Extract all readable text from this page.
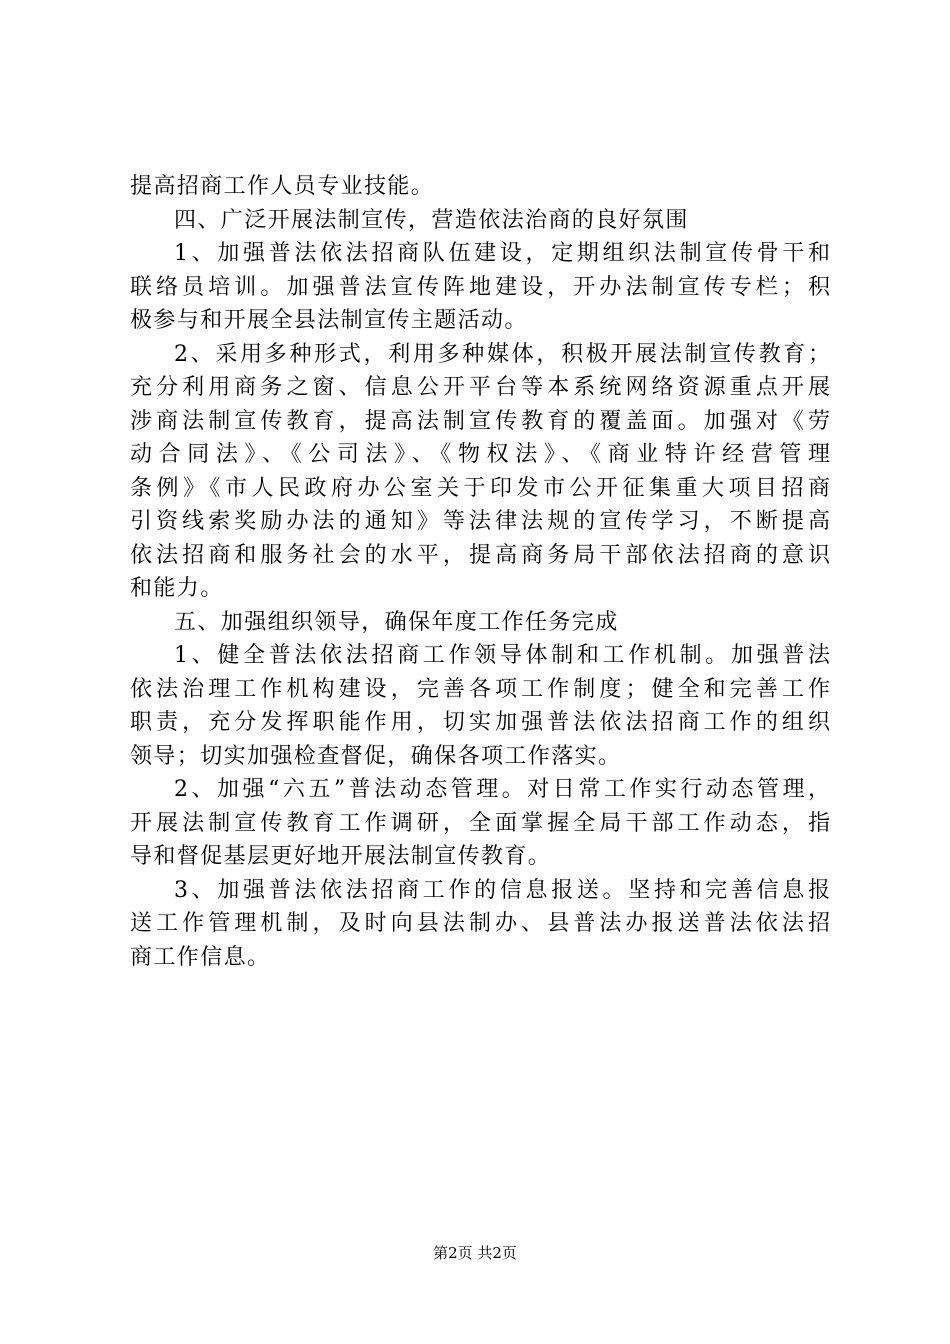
提高招商工作人员专业技能。
四、广泛开展法制宣传，营造依法治商的良好氛围
1、加强普法依法招商队伍建设，定期组织法制宣传骨干和
联络员培训。加强普法宣传阵地建设，开办法制宣传专栏；积
极参与和开展全县法制宣传主题活动。
2、采用多种形式，利用多种媒体，积极开展法制宣传教育；
充分利用商务之窗、信息公开平台等本系统网络资源重点开展
涉商法制宣传教育，提高法制宣传教育的覆盖面。加强对《劳
动合同法》、《公司法》、《物权法》、《商业特许经营管理
条例》《市人民政府办公室关于印发市公开征集重大项目招商
引资线索奖励办法的通知》等法律法规的宣传学习，不断提高
依法招商和服务社会的水平，提高商务局干部依法招商的意识
和能力。
五、加强组织领导，确保年度工作任务完成
1、健全普法依法招商工作领导体制和工作机制。加强普法
依法治理工作机构建设，完善各项工作制度；健全和完善工作
职责，充分发挥职能作用，切实加强普法依法招商工作的组织
领导；切实加强检查督促，确保各项工作落实。
2、加强“六五”普法动态管理。对日常工作实行动态管理，
开展法制宣传教育工作调研，全面掌握全局干部工作动态，指
导和督促基层更好地开展法制宣传教育。
3、加强普法依法招商工作的信息报送。坚持和完善信息报
送工作管理机制，及时向县法制办、县普法办报送普法依法招
商工作信息。
第2页 共2页
